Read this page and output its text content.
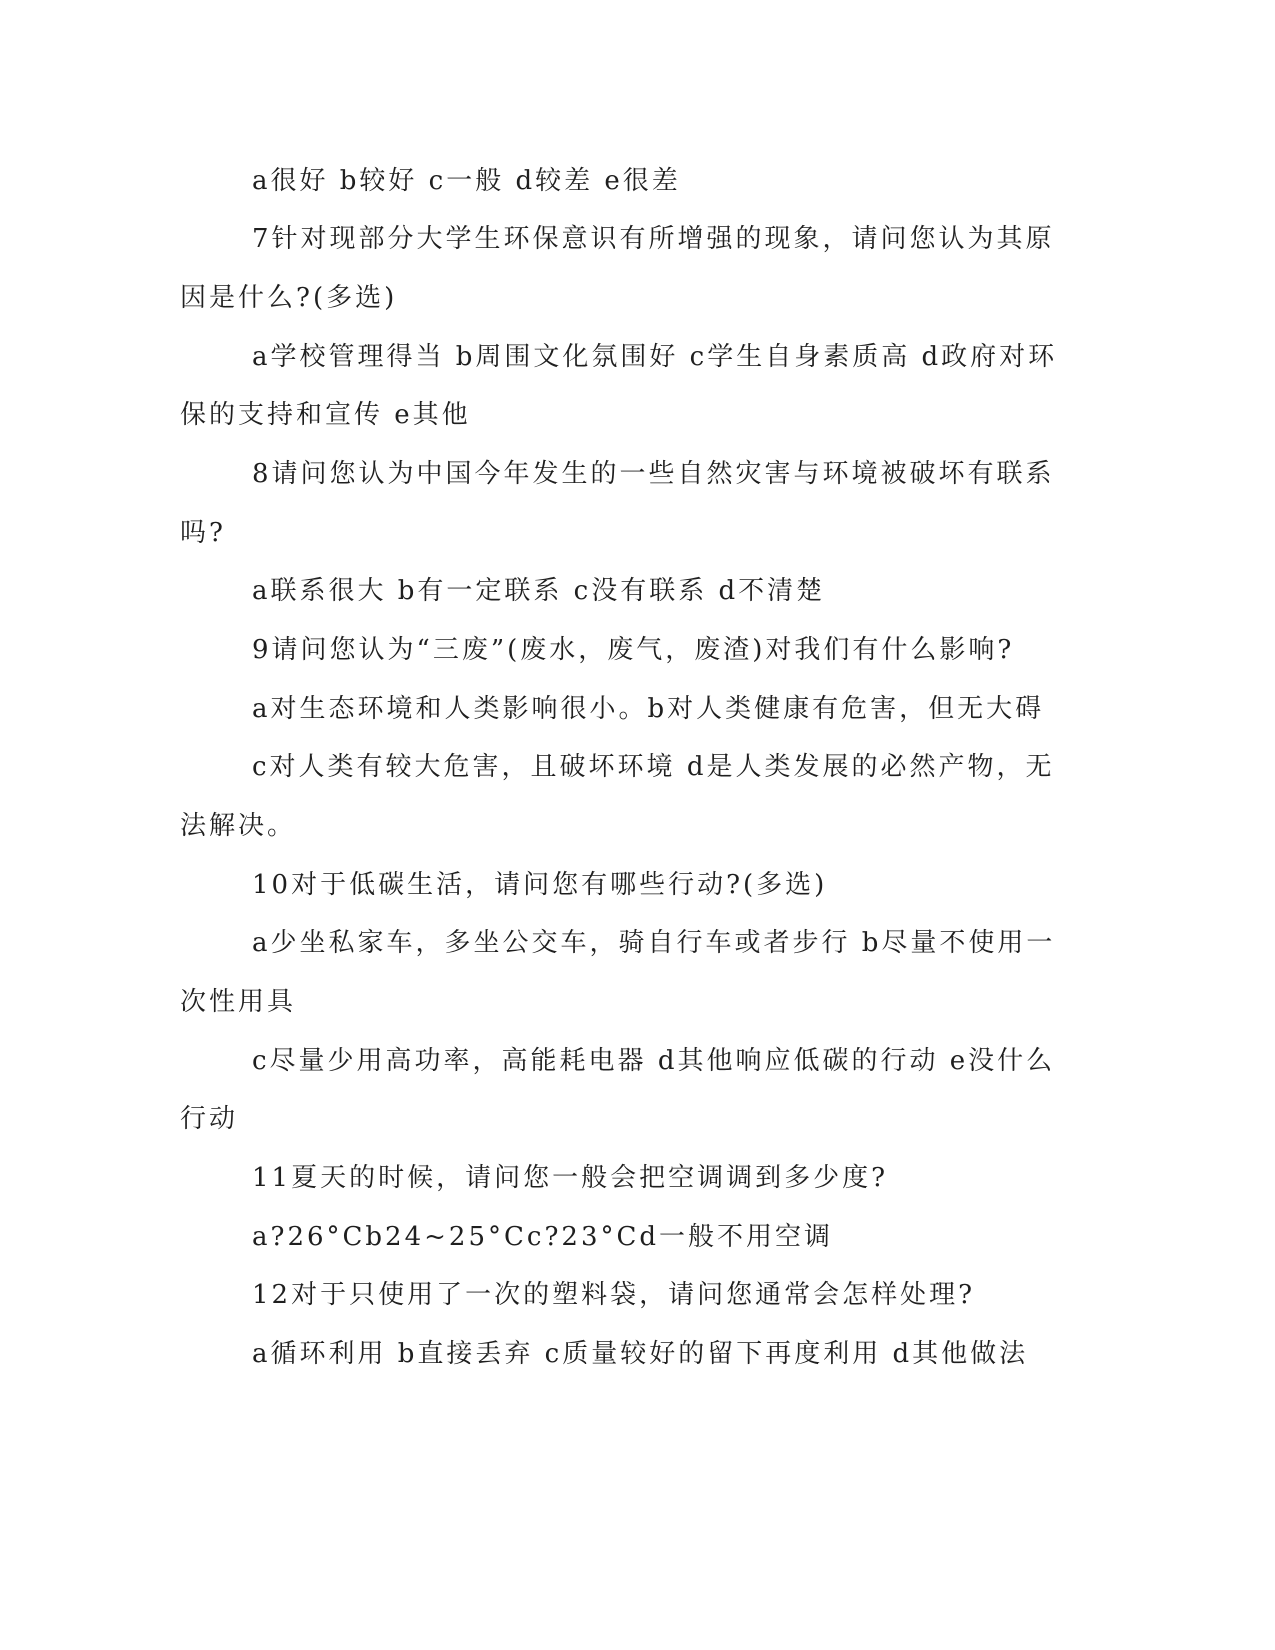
a很好 b较好 c一般 d较差 e很差
7针对现部分大学生环保意识有所增强的现象，请问您认为其原
因是什么?(多选)
a学校管理得当 b周围文化氛围好 c学生自身素质高 d政府对环
保的支持和宣传 e其他
8请问您认为中国今年发生的一些自然灾害与环境被破坏有联系
吗?
a联系很大 b有一定联系 c没有联系 d不清楚
9请问您认为“三废”(废水，废气，废渣)对我们有什么影响?
a对生态环境和人类影响很小。b对人类健康有危害，但无大碍
c对人类有较大危害，且破坏环境 d是人类发展的必然产物，无
法解决。
10对于低碳生活，请问您有哪些行动?(多选)
a少坐私家车，多坐公交车，骑自行车或者步行 b尽量不使用一
次性用具
c尽量少用高功率，高能耗电器 d其他响应低碳的行动 e没什么
行动
11夏天的时候，请问您一般会把空调调到多少度?
a?26°Cb24~25°Cc?23°Cd一般不用空调
12对于只使用了一次的塑料袋，请问您通常会怎样处理?
a循环利用 b直接丢弃 c质量较好的留下再度利用 d其他做法
